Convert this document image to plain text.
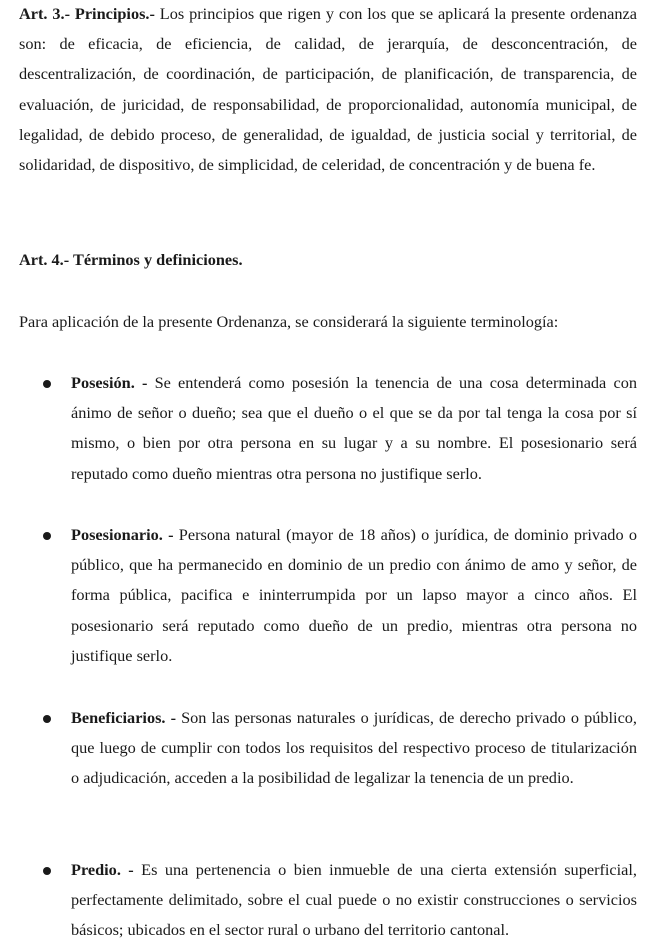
Art. 3.- Principios.- Los principios que rigen y con los que se aplicará la presente ordenanza son: de eficacia, de eficiencia, de calidad, de jerarquía, de desconcentración, de descentralización, de coordinación, de participación, de planificación, de transparencia, de evaluación, de juricidad, de responsabilidad, de proporcionalidad, autonomía municipal, de legalidad, de debido proceso, de generalidad, de igualdad, de justicia social y territorial, de solidaridad, de dispositivo, de simplicidad, de celeridad, de concentración y de buena fe.

Art. 4.- Términos y definiciones.

Para aplicación de la presente Ordenanza, se considerará la siguiente terminología:

Posesión. - Se entenderá como posesión la tenencia de una cosa determinada con ánimo de señor o dueño; sea que el dueño o el que se da por tal tenga la cosa por sí mismo, o bien por otra persona en su lugar y a su nombre. El posesionario será reputado como dueño mientras otra persona no justifique serlo.

Posesionario. - Persona natural (mayor de 18 años) o jurídica, de dominio privado o público, que ha permanecido en dominio de un predio con ánimo de amo y señor, de forma pública, pacifica e ininterrumpida por un lapso mayor a cinco años. El posesionario será reputado como dueño de un predio, mientras otra persona no justifique serlo.

Beneficiarios. - Son las personas naturales o jurídicas, de derecho privado o público, que luego de cumplir con todos los requisitos del respectivo proceso de titularización o adjudicación, acceden a la posibilidad de legalizar la tenencia de un predio.

Predio. - Es una pertenencia o bien inmueble de una cierta extensión superficial, perfectamente delimitado, sobre el cual puede o no existir construcciones o servicios básicos; ubicados en el sector rural o urbano del territorio cantonal.
